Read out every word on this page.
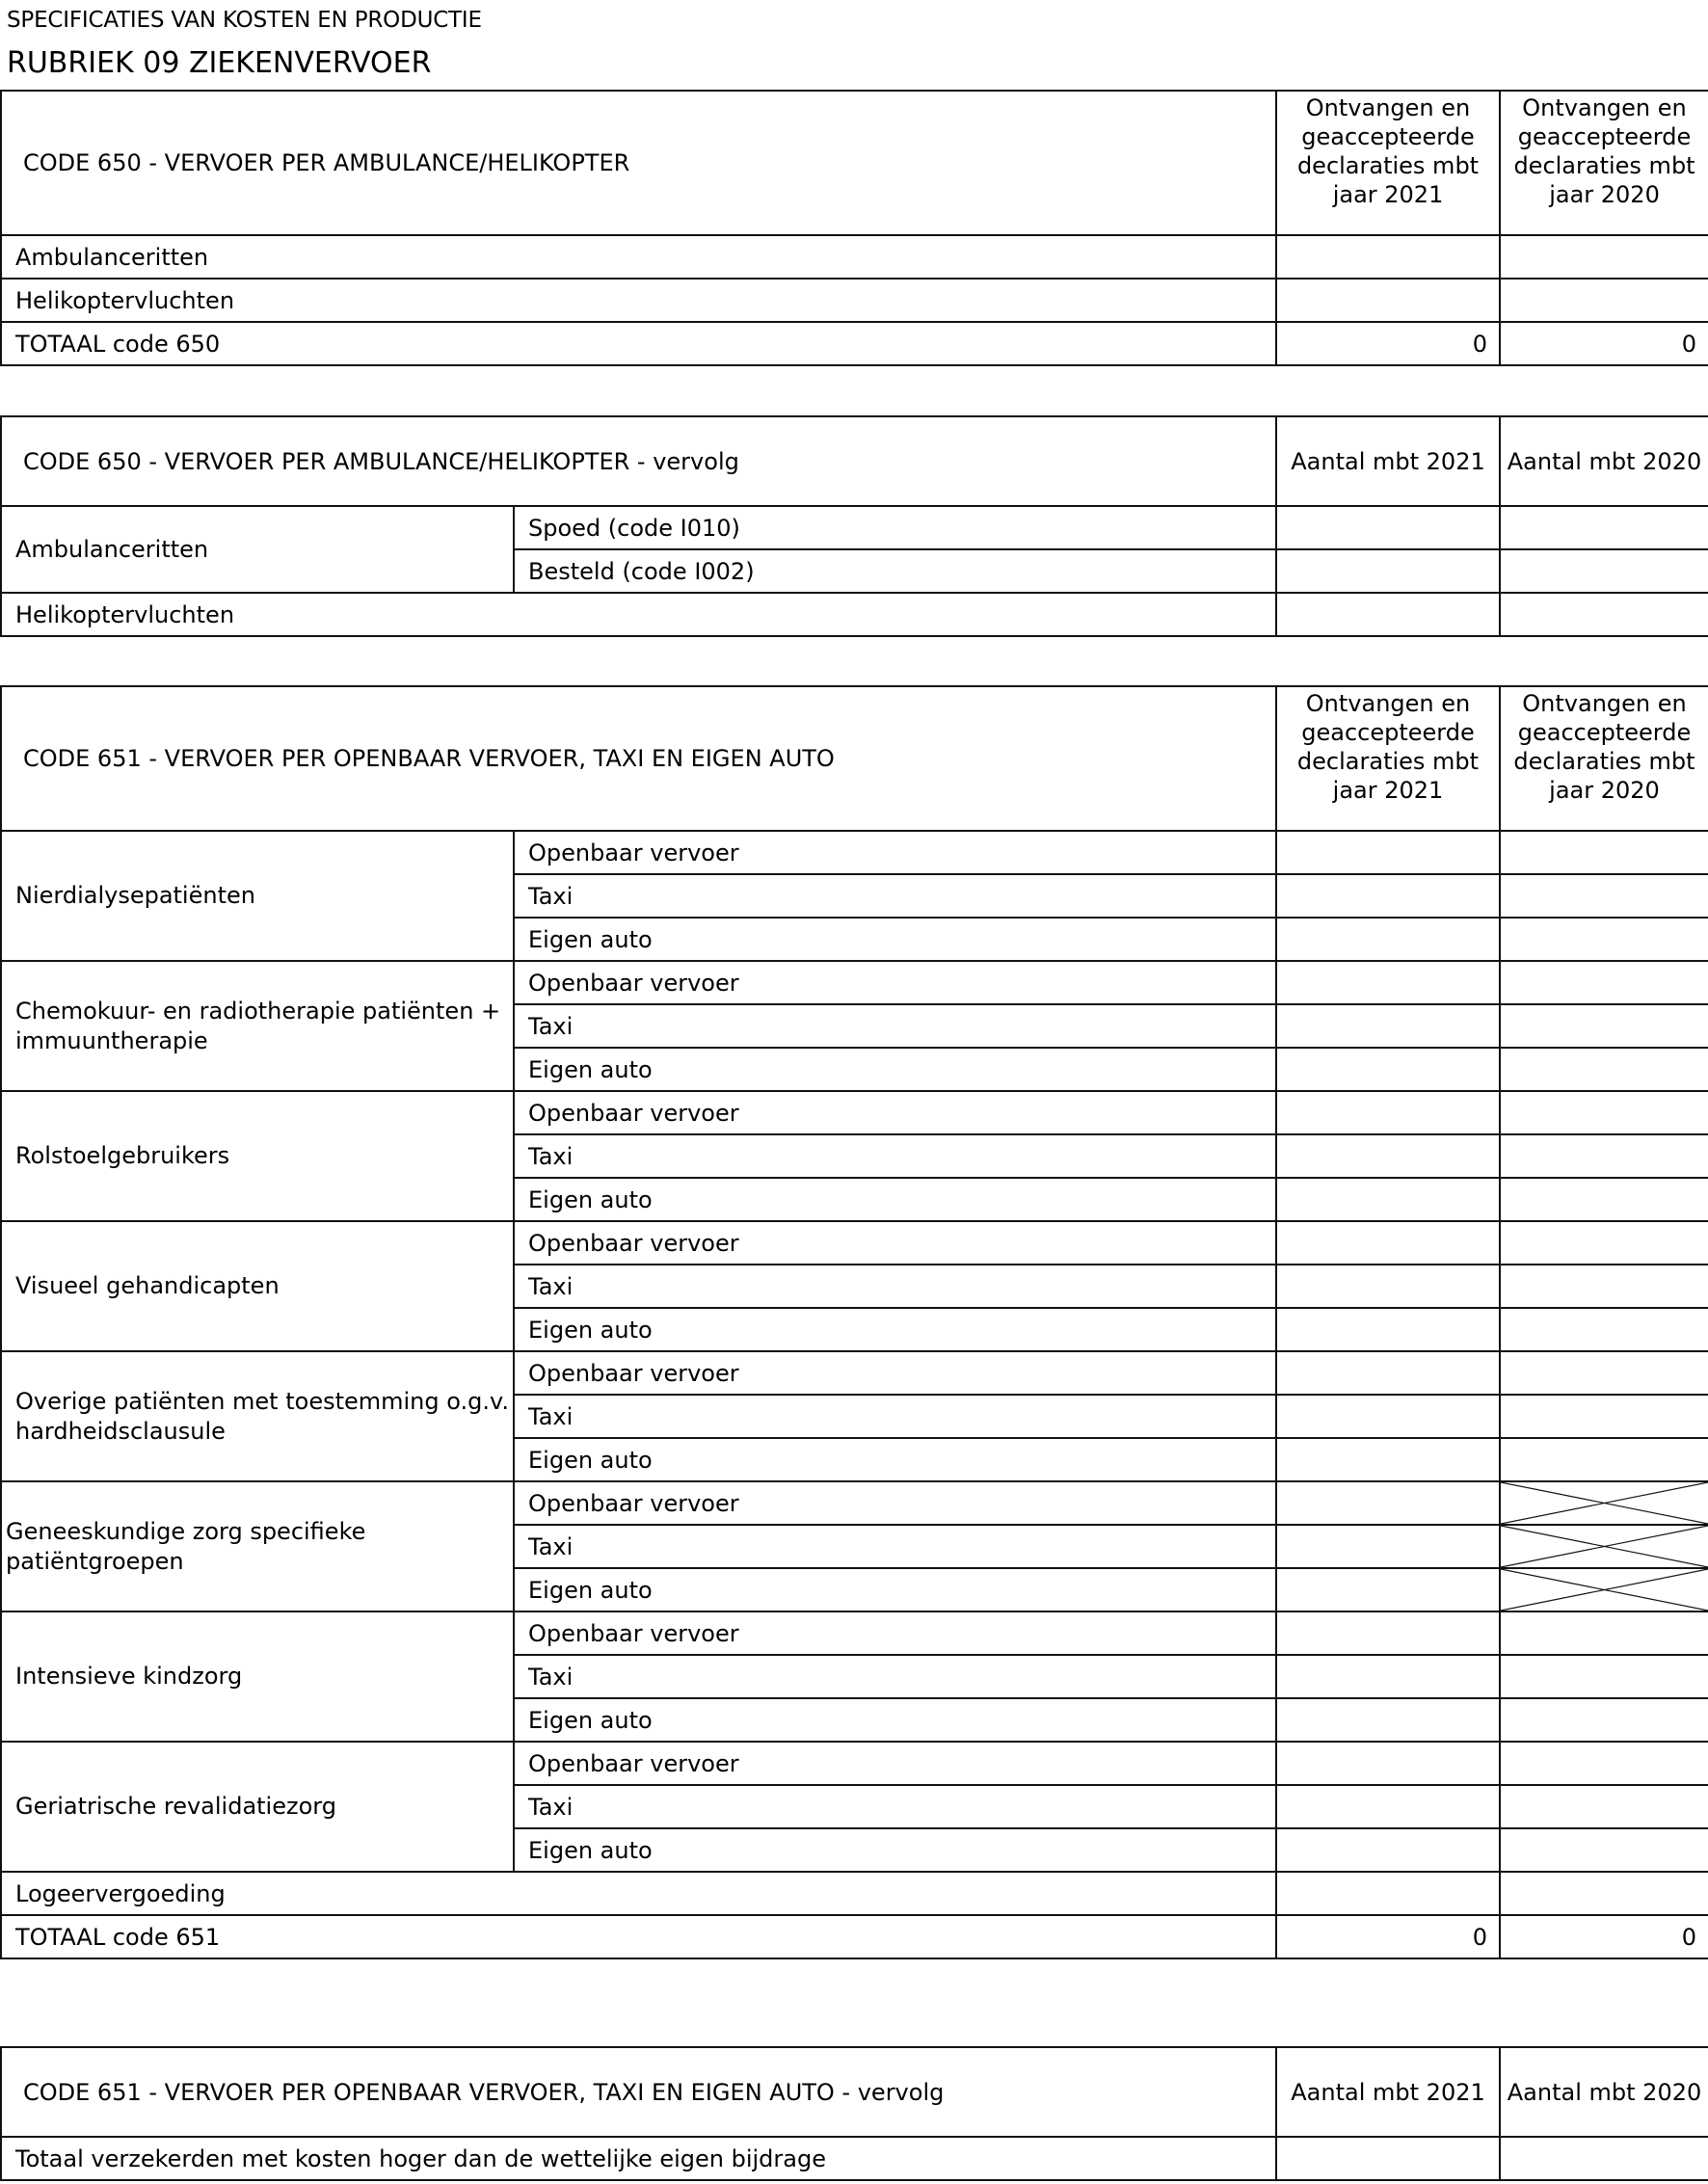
SPECIFICATIES VAN KOSTEN EN PRODUCTIE
RUBRIEK 09 ZIEKENVERVOER
CODE 650 - VERVOER PER AMBULANCE/HELIKOPTER	Ontvangen en geaccepteerde declaraties mbt jaar 2021	Ontvangen en geaccepteerde declaraties mbt jaar 2020
Ambulanceritten		
Helikoptervluchten		
TOTAAL code 650	0	0
CODE 650 - VERVOER PER AMBULANCE/HELIKOPTER - vervolg		Aantal mbt 2021	Aantal mbt 2020
Ambulanceritten	Spoed (code I010)		
	Besteld (code I002)		
Helikoptervluchten			
CODE 651 - VERVOER PER OPENBAAR VERVOER, TAXI EN EIGEN AUTO		Ontvangen en geaccepteerde declaraties mbt jaar 2021	Ontvangen en geaccepteerde declaraties mbt jaar 2020
Nierdialysepatiënten	Openbaar vervoer		
	Taxi		
	Eigen auto		
Chemokuur- en radiotherapie patiënten + immuuntherapie	Openbaar vervoer		
	Taxi		
	Eigen auto		
Rolstoelgebruikers	Openbaar vervoer		
	Taxi		
	Eigen auto		
Visueel gehandicapten	Openbaar vervoer		
	Taxi		
	Eigen auto		
Overige patiënten met toestemming o.g.v. hardheidsclausule	Openbaar vervoer		
	Taxi		
	Eigen auto		
Geneeskundige zorg specifieke patiëntgroepen	Openbaar vervoer		

	Taxi		

	Eigen auto		

Intensieve kindzorg	Openbaar vervoer		
	Taxi		
	Eigen auto		
Geriatrische revalidatiezorg	Openbaar vervoer		
	Taxi		
	Eigen auto		
Logeervergoeding			
TOTAAL code 651		0	0
CODE 651 - VERVOER PER OPENBAAR VERVOER, TAXI EN EIGEN AUTO - vervolg	Aantal mbt 2021	Aantal mbt 2020
Totaal verzekerden met kosten hoger dan de wettelijke eigen bijdrage		
